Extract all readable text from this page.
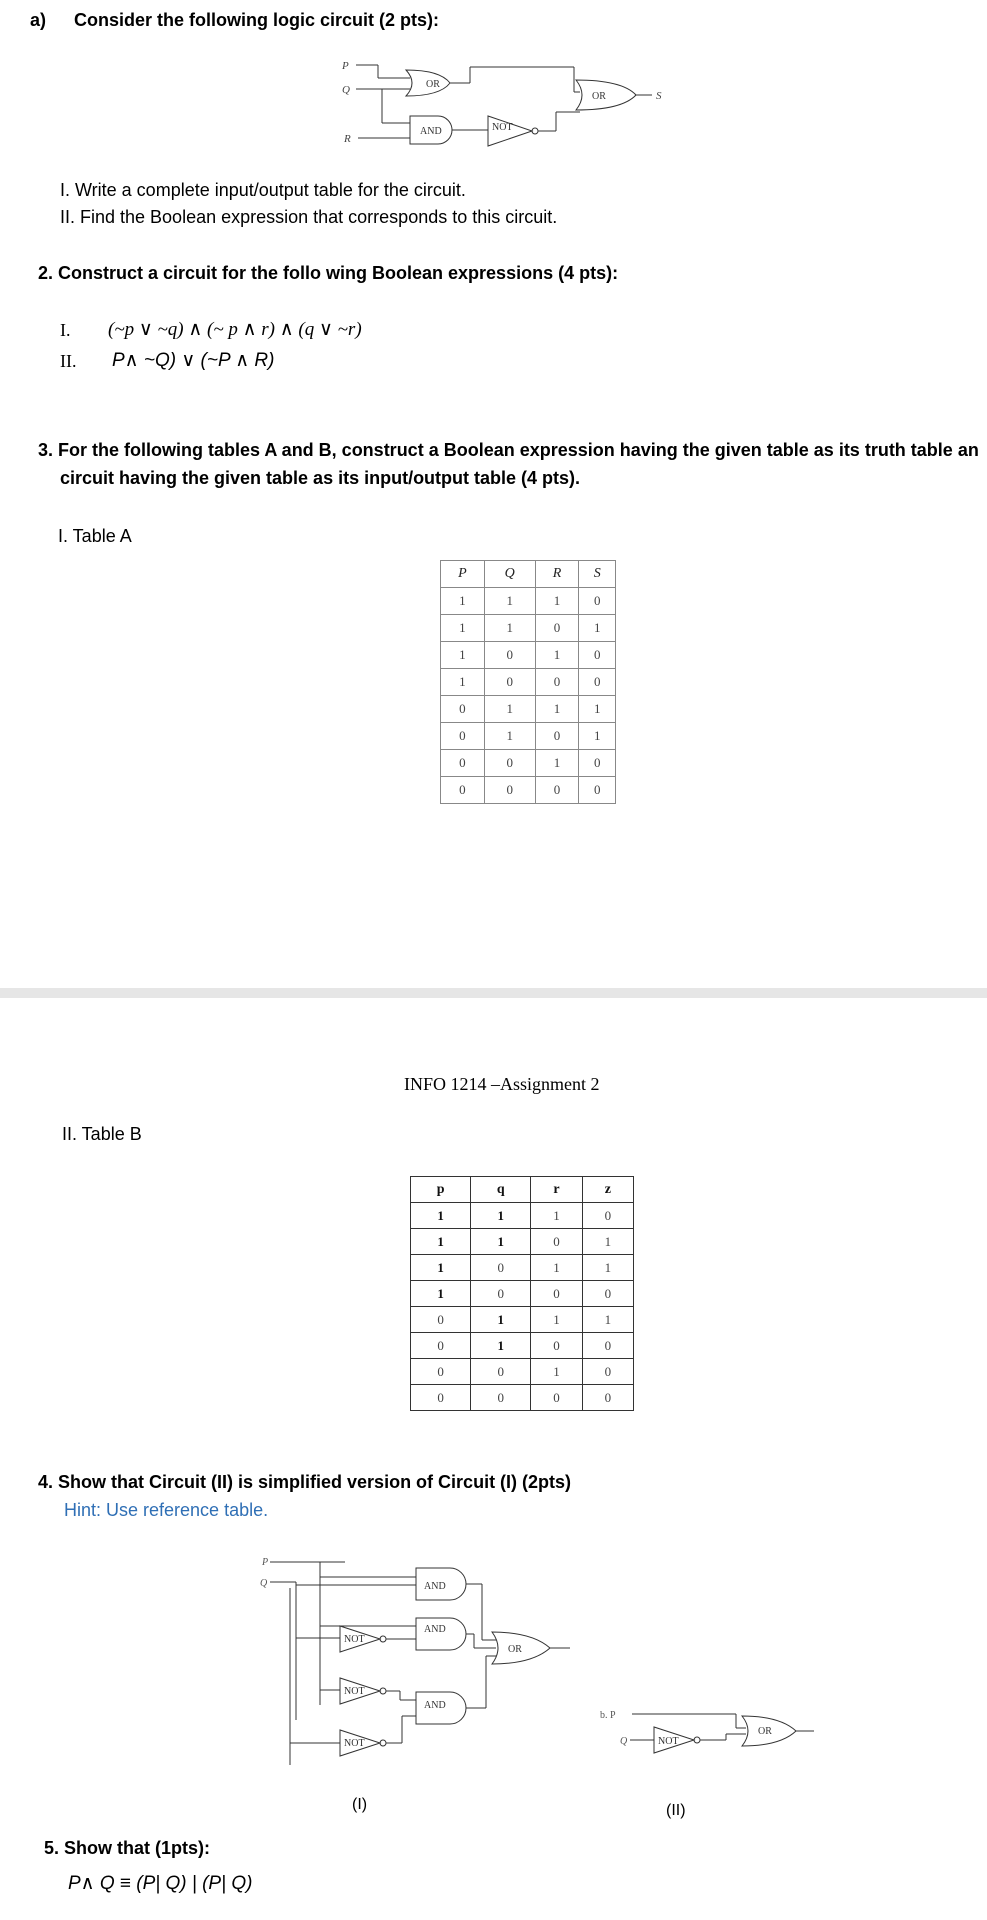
a) Consider the following logic circuit (2 pts):
P
Q
R
OR
AND	NOT
OR	S
I. Write a complete input/output table for the circuit.
II. Find the Boolean expression that corresponds to this circuit.
2. Construct a circuit for the follo wing Boolean expressions (4 pts):
I. (~p ∨ ~q) ∧ (~ p ∧ r) ∧ (q ∨ ~r)
II. P∧ ~Q) ∨ (~P ∧ R)
3. For the following tables A and B, construct a Boolean expression having the given table as its truth table an
circuit having the given table as its input/output table (4 pts).
I. Table A
P	Q	R	S
1	1	1	0
1	1	0	1
1	0	1	0
1	0	0	0
0	1	1	1
0	1	0	1
0	0	1	0
0	0	0	0
INFO 1214 –Assignment 2
II. Table B
p	q	r	z
1	1	1	0
1	1	0	1
1	0	1	1
1	0	0	0
0	1	1	1
0	1	0	0
0	0	1	0
0	0	0	0
4. Show that Circuit (II) is simplified version of Circuit (I) (2pts)
Hint: Use reference table.
P
Q	AND
AND
AND
NOT
NOT
NOT
OR
b. P
Q	NOT
OR
(I)	(II)
5. Show that (1pts):
P∧ Q ≡ (P| Q) | (P| Q)
